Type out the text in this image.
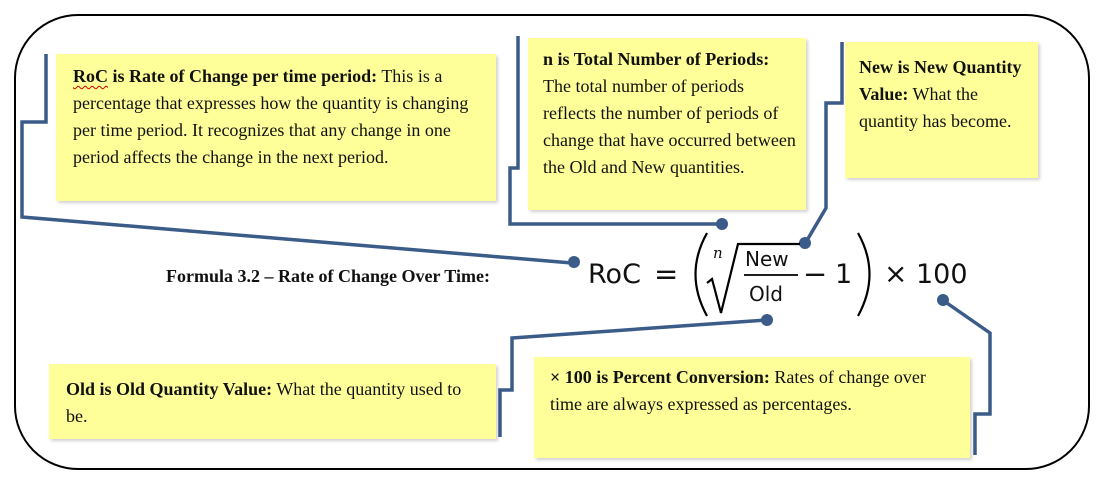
RoC is Rate of Change per time period: This is a percentage that expresses how the quantity is changing per time period. It recognizes that any change in one period affects the change in the next period.
n is Total Number of Periods: The total number of periods reflects the number of periods of change that have occurred between the Old and New quantities.
New is New Quantity Value: What the quantity has become.
Old is Old Quantity Value: What the quantity used to be.
× 100 is Percent Conversion: Rates of change over time are always expressed as percentages.
Formula 3.2 – Rate of Change Over Time:	RoC =
n New
Old
− 1 × 100
